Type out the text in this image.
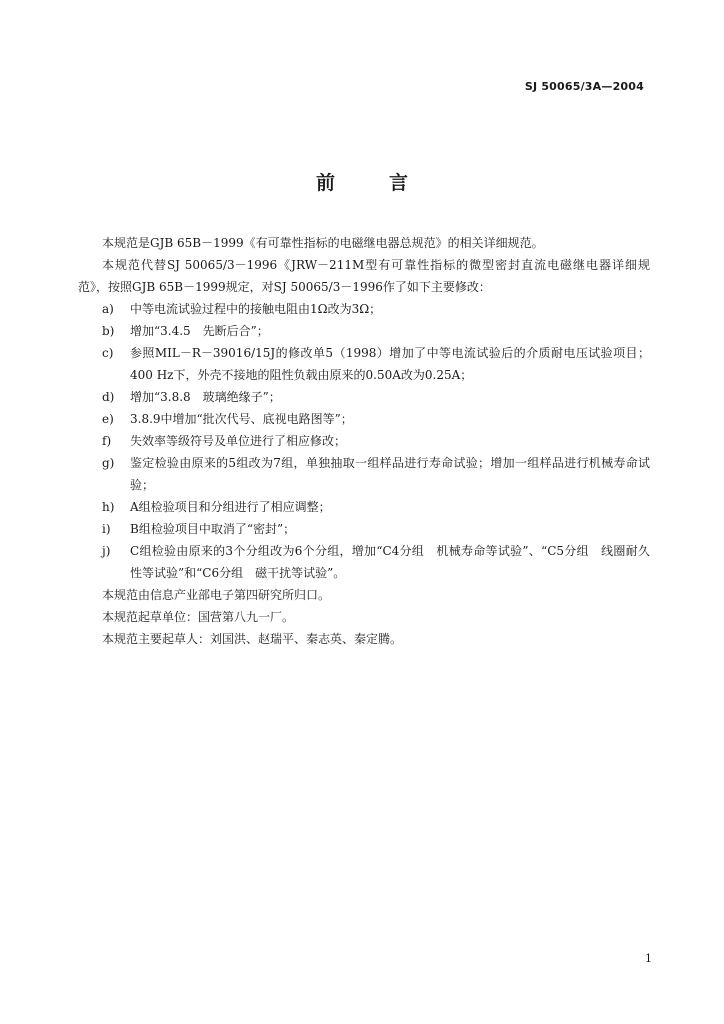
SJ 50065/3A—2004
前言

本规范是GJB 65B－1999《有可靠性指标的电磁继电器总规范》的相关详细规范。

本规范代替SJ 50065/3－1996《JRW－211M型有可靠性指标的微型密封直流电磁继电器详细规范》，按照GJB 65B－1999规定，对SJ 50065/3－1996作了如下主要修改：

a)	中等电流试验过程中的接触电阻由1Ω改为3Ω；
b)	增加“3.4.5　先断后合”；
c)	参照MIL－R－39016/15J的修改单5（1998）增加了中等电流试验后的介质耐电压试验项目；400 Hz下，外壳不接地的阻性负载由原来的0.50A改为0.25A；
d)	增加“3.8.8　玻璃绝缘子”；
e)	3.8.9中增加“批次代号、底视电路图等”；
f)	失效率等级符号及单位进行了相应修改；
g)	鉴定检验由原来的5组改为7组，单独抽取一组样品进行寿命试验；增加一组样品进行机械寿命试验；
h)	A组检验项目和分组进行了相应调整；
i)	B组检验项目中取消了“密封”；
j)	C组检验由原来的3个分组改为6个分组，增加“C4分组　机械寿命等试验”、“C5分组　线圈耐久性等试验”和“C6分组　磁干扰等试验”。

本规范由信息产业部电子第四研究所归口。

本规范起草单位：国营第八九一厂。

本规范主要起草人：刘国洪、赵瑞平、秦志英、秦定腾。

1
